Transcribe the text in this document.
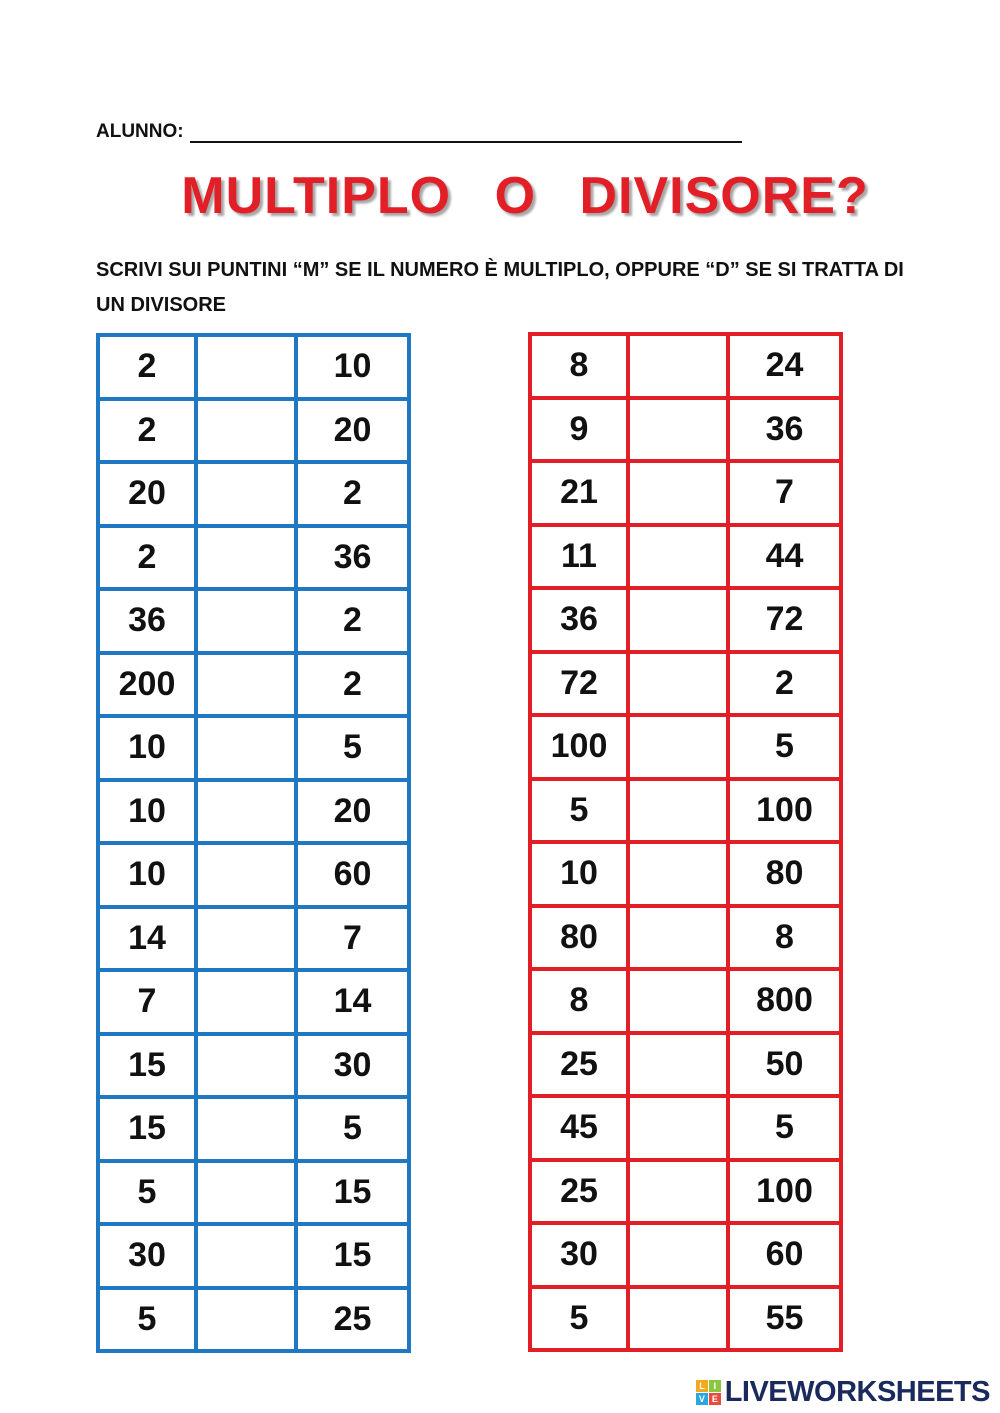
ALUNNO:
MULTIPLO O DIVISORE?
SCRIVI SUI PUNTINI “M” SE IL NUMERO È MULTIPLO, OPPURE “D” SE SI TRATTA DI UN DIVISORE
2		10
2		20
20		2
2		36
36		2
200		2
10		5
10		20
10		60
14		7
7		14
15		30
15		5
5		15
30		15
5		25
8		24
9		36
21		7
11		44
36		72
72		2
100		5
5		100
10		80
80		8
8		800
25		50
45		5
25		100
30		60
5		55
L	I
V E LIVEWORKSHEETS
